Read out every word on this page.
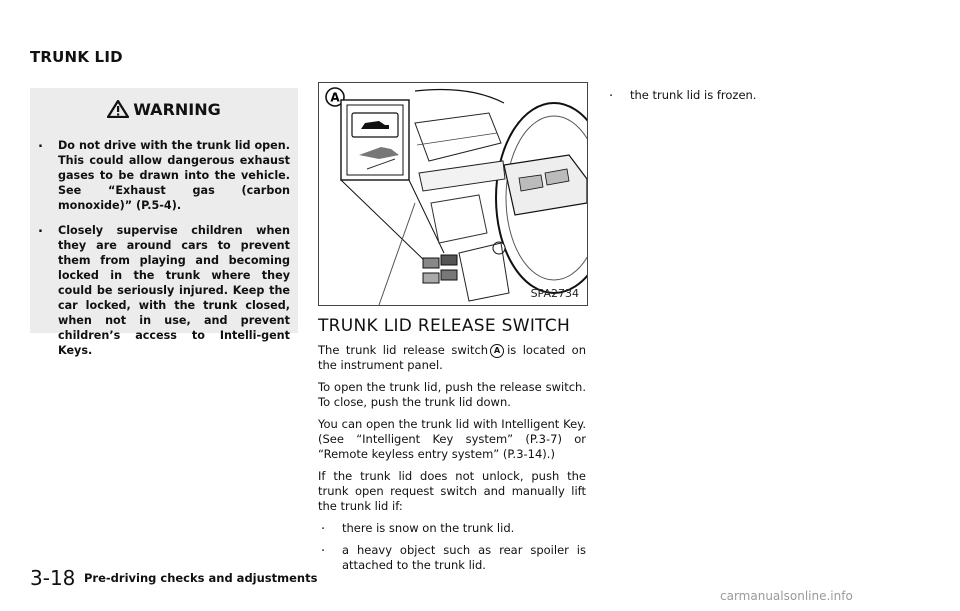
TRUNK LID
WARNING
. Do not drive with the trunk lid open. This could allow dangerous exhaust gases to be drawn into the vehicle. See “Exhaust gas (carbon monoxide)” (P.5-4).
. Closely supervise children when they are around cars to prevent them from playing and becoming locked in the trunk where they could be seriously injured. Keep the car locked, with the trunk closed, when not in use, and prevent children’s access to Intelli-gent Keys.
A
SPA2734
TRUNK LID RELEASE SWITCH

The trunk lid release switch A is located on the instrument panel.

To open the trunk lid, push the release switch. To close, push the trunk lid down.

You can open the trunk lid with Intelligent Key. (See “Intelligent Key system” (P.3-7) or “Remote keyless entry system” (P.3-14).)

If the trunk lid does not unlock, push the trunk open request switch and manually lift the trunk lid if:

. there is snow on the trunk lid.
. a heavy object such as rear spoiler is attached to the trunk lid.
. the trunk lid is frozen.
3-18 Pre-driving checks and adjustments
carmanualsonline.info
